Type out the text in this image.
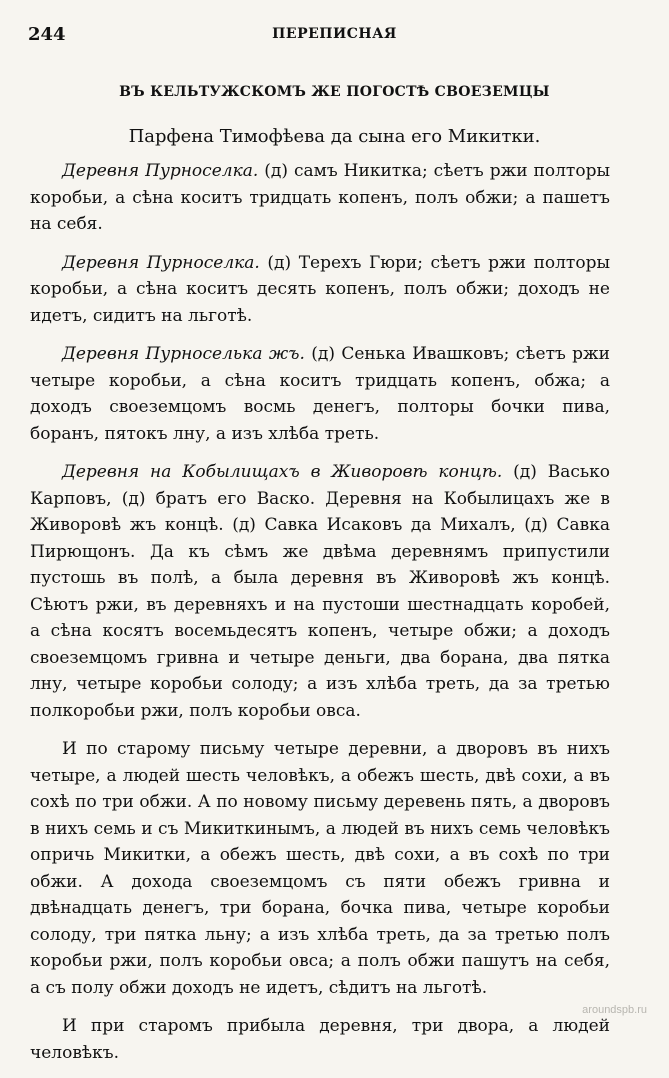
244	ПЕРЕПИСНАЯ
ВЪ КЕЛЬТУЖСКОМЪ ЖЕ ПОГОСТѢ СВОЕЗЕМЦЫ
Парфена Тимофѣева да сына его Микитки.

Деревня Пурноселка. (д) самъ Никитка; сѣетъ ржи полторы коробьи, а сѣна коситъ тридцать копенъ, полъ обжи; а пашетъ на себя.

Деревня Пурноселка. (д) Терехъ Гюри; сѣетъ ржи полторы коробьи, а сѣна коситъ десять копенъ, полъ обжи; доходъ не идетъ, сидитъ на льготѣ.

Деревня Пурноселька жъ. (д) Сенька Ивашковъ; сѣетъ ржи четыре коробьи, а сѣна коситъ тридцать копенъ, обжа; а доходъ своеземцомъ восмь денегъ, полторы бочки пива, боранъ, пятокъ лну, а изъ хлѣба треть.

Деревня на Кобылищахъ в Живоровѣ концѣ. (д) Васько Карповъ, (д) братъ его Васко. Деревня на Кобылицахъ же в Живоровѣ жъ концѣ. (д) Савка Исаковъ да Михалъ, (д) Савка Пирющонъ. Да къ сѣмъ же двѣма деревнямъ припустили пустошь въ полѣ, а была деревня въ Живоровѣ жъ концѣ. Сѣютъ ржи, въ деревняхъ и на пустоши шестнадцать коробей, а сѣна косятъ восемьдесятъ копенъ, четыре обжи; а доходъ своеземцомъ гривна и четыре деньги, два борана, два пятка лну, четыре коробьи солоду; а изъ хлѣба треть, да за третью полкоробьи ржи, полъ коробьи овса.

И по старому письму четыре деревни, а дворовъ въ нихъ четыре, а людей шесть человѣкъ, а обежъ шесть, двѣ сохи, а въ сохѣ по три обжи. А по новому письму деревень пять, а дворовъ в нихъ семь и съ Микиткинымъ, а людей въ нихъ семь человѣкъ опричь Микитки, а обежъ шесть, двѣ сохи, а въ сохѣ по три обжи. А дохода своеземцомъ съ пяти обежъ гривна и двѣнадцать денегъ, три борана, бочка пива, четыре коробьи солоду, три пятка льну; а изъ хлѣба треть, да за третью полъ коробьи ржи, полъ коробьи овса; а полъ обжи пашутъ на себя, а съ полу обжи доходъ не идетъ, сѣдитъ на льготѣ.

И при старомъ прибыла деревня, три двора, а людей человѣкъ.

aroundspb.ru
